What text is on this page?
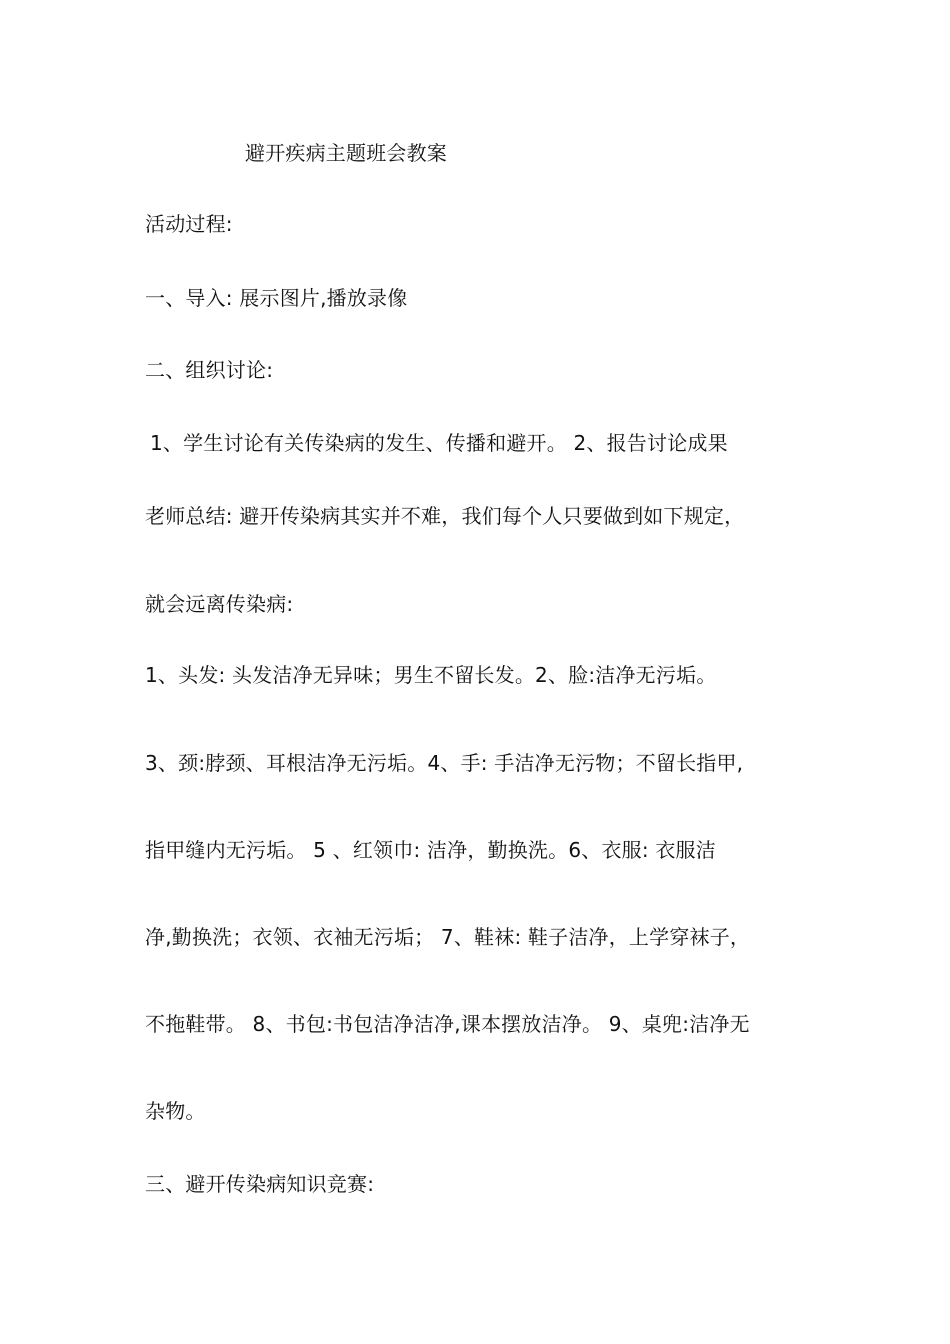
避开疾病主题班会教案
活动过程:
一、导入: 展示图片,播放录像
二、组织讨论:
1、学生讨论有关传染病的发生、传播和避开。 2、报告讨论成果
老师总结: 避开传染病其实并不难，我们每个人只要做到如下规定，
就会远离传染病:
1、头发: 头发洁净无异味；男生不留长发。2、脸:洁净无污垢。
3、颈:脖颈、耳根洁净无污垢。4、手: 手洁净无污物；不留长指甲,
指甲缝内无污垢。 5 、红领巾: 洁净，勤换洗。6、衣服: 衣服洁
净,勤换洗；衣领、衣袖无污垢； 7、鞋袜: 鞋子洁净，上学穿袜子，
不拖鞋带。 8、书包:书包洁净洁净,课本摆放洁净。 9、桌兜:洁净无
杂物。
三、避开传染病知识竞赛:
